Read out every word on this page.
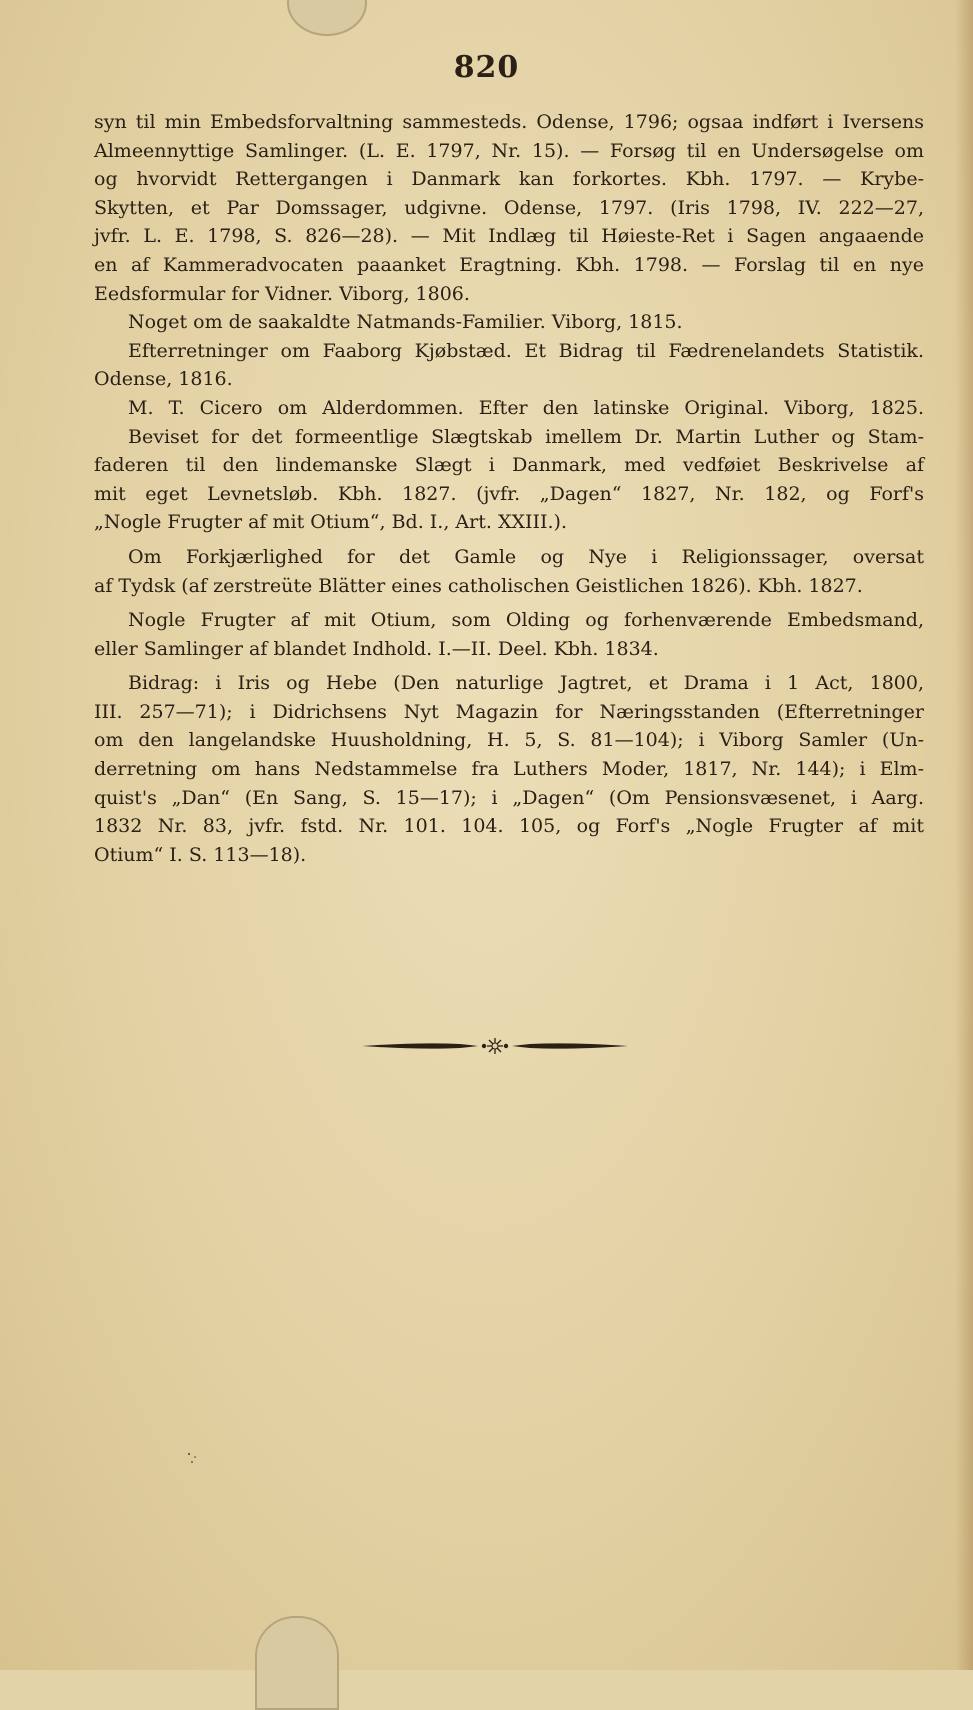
820
syn til min Embedsforvaltning sammesteds. Odense, 1796; ogsaa indført i Iversens
Almeennyttige Samlinger. (L. E. 1797, Nr. 15). — Forsøg til en Undersøgelse om
og hvorvidt Rettergangen i Danmark kan forkortes. Kbh. 1797. — Krybe-
Skytten, et Par Domssager, udgivne. Odense, 1797. (Iris 1798, IV. 222—27,
jvfr. L. E. 1798, S. 826—28). — Mit Indlæg til Høieste-Ret i Sagen angaaende
en af Kammeradvocaten paaanket Eragtning. Kbh. 1798. — Forslag til en nye
Eedsformular for Vidner. Viborg, 1806.
Noget om de saakaldte Natmands-Familier. Viborg, 1815.
Efterretninger om Faaborg Kjøbstæd. Et Bidrag til Fædrenelandets Statistik.
Odense, 1816.
M. T. Cicero om Alderdommen. Efter den latinske Original. Viborg, 1825.
Beviset for det formeentlige Slægtskab imellem Dr. Martin Luther og Stam-
faderen til den lindemanske Slægt i Danmark, med vedføiet Beskrivelse af
mit eget Levnetsløb. Kbh. 1827. (jvfr. „Dagen“ 1827, Nr. 182, og Forf's
„Nogle Frugter af mit Otium“, Bd. I., Art. XXIII.).
Om Forkjærlighed for det Gamle og Nye i Religionssager, oversat
af Tydsk (af zerstreüte Blätter eines catholischen Geistlichen 1826). Kbh. 1827.
Nogle Frugter af mit Otium, som Olding og forhenværende Embedsmand,
eller Samlinger af blandet Indhold. I.—II. Deel. Kbh. 1834.
Bidrag: i Iris og Hebe (Den naturlige Jagtret, et Drama i 1 Act, 1800,
III. 257—71); i Didrichsens Nyt Magazin for Næringsstanden (Efterretninger
om den langelandske Huusholdning, H. 5, S. 81—104); i Viborg Samler (Un-
derretning om hans Nedstammelse fra Luthers Moder, 1817, Nr. 144); i Elm-
quist's „Dan“ (En Sang, S. 15—17); i „Dagen“ (Om Pensionsvæsenet, i Aarg.
1832 Nr. 83, jvfr. fstd. Nr. 101. 104. 105, og Forf's „Nogle Frugter af mit
Otium“ I. S. 113—18).
